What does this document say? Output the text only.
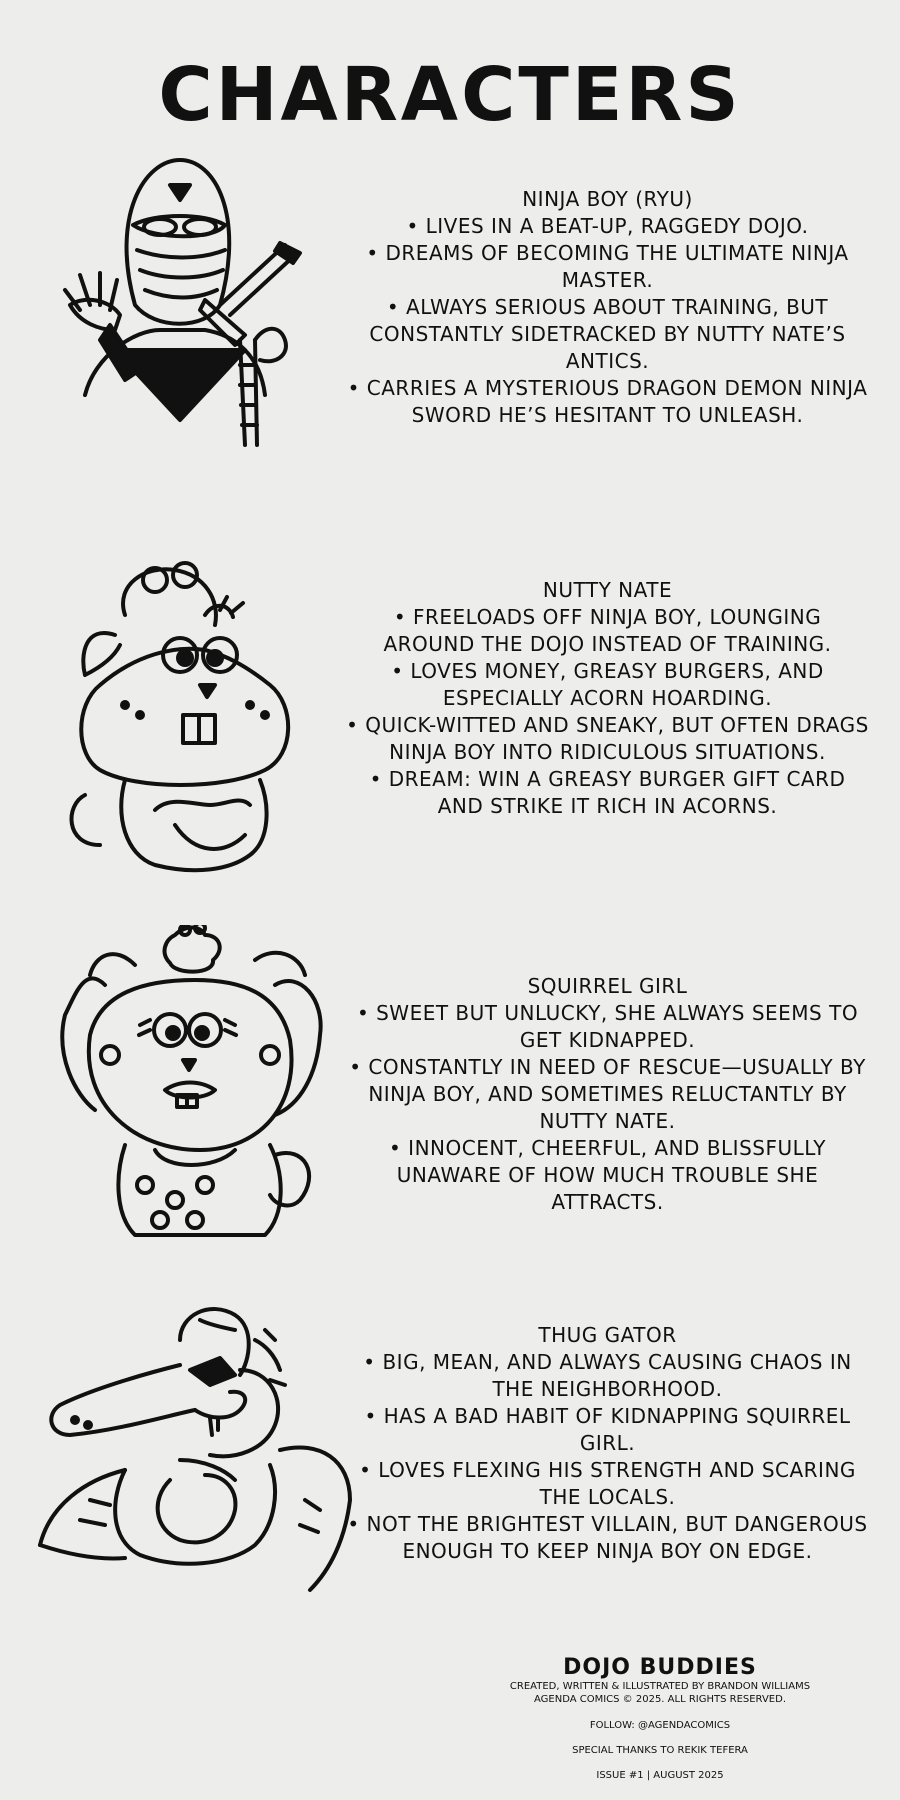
CHARACTERS
NINJA BOY (RYU)
• LIVES IN A BEAT-UP, RAGGEDY DOJO.
• DREAMS OF BECOMING THE ULTIMATE NINJA MASTER.
• ALWAYS SERIOUS ABOUT TRAINING, BUT CONSTANTLY SIDETRACKED BY NUTTY NATE’S ANTICS.
• CARRIES A MYSTERIOUS DRAGON DEMON NINJA SWORD HE’S HESITANT TO UNLEASH.
NUTTY NATE
• FREELOADS OFF NINJA BOY, LOUNGING AROUND THE DOJO INSTEAD OF TRAINING.
• LOVES MONEY, GREASY BURGERS, AND ESPECIALLY ACORN HOARDING.
• QUICK-WITTED AND SNEAKY, BUT OFTEN DRAGS NINJA BOY INTO RIDICULOUS SITUATIONS.
• DREAM: WIN A GREASY BURGER GIFT CARD AND STRIKE IT RICH IN ACORNS.
SQUIRREL GIRL
• SWEET BUT UNLUCKY, SHE ALWAYS SEEMS TO GET KIDNAPPED.
• CONSTANTLY IN NEED OF RESCUE—USUALLY BY NINJA BOY, AND SOMETIMES RELUCTANTLY BY NUTTY NATE.
• INNOCENT, CHEERFUL, AND BLISSFULLY UNAWARE OF HOW MUCH TROUBLE SHE ATTRACTS.
THUG GATOR
• BIG, MEAN, AND ALWAYS CAUSING CHAOS IN THE NEIGHBORHOOD.
• HAS A BAD HABIT OF KIDNAPPING SQUIRREL GIRL.
• LOVES FLEXING HIS STRENGTH AND SCARING THE LOCALS.
• NOT THE BRIGHTEST VILLAIN, BUT DANGEROUS ENOUGH TO KEEP NINJA BOY ON EDGE.
DOJO BUDDIES
CREATED, WRITTEN & ILLUSTRATED BY BRANDON WILLIAMS
AGENDA COMICS © 2025. ALL RIGHTS RESERVED.
FOLLOW: @AGENDACOMICS
SPECIAL THANKS TO REKIK TEFERA
ISSUE #1 | AUGUST 2025
